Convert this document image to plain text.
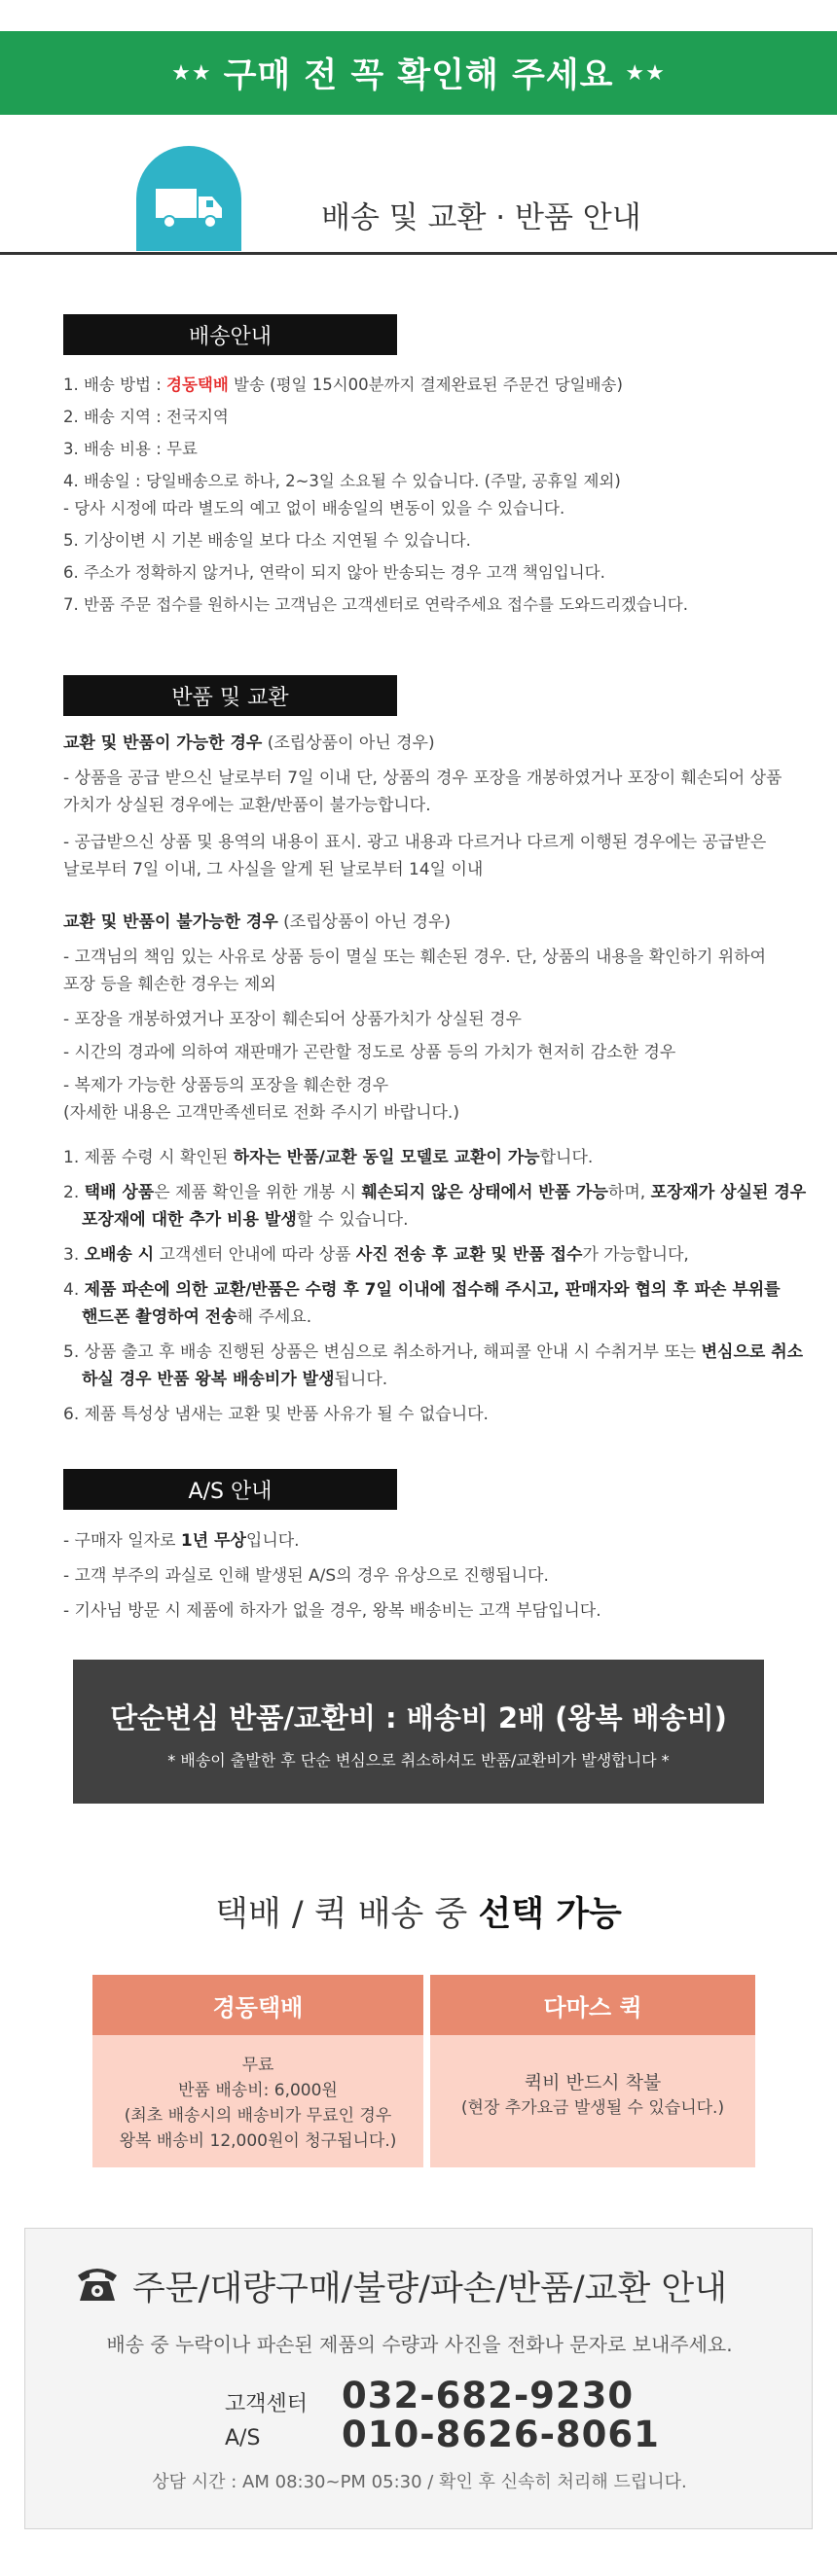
★★ 구매 전 꼭 확인해 주세요 ★★
배송 및 교환 · 반품 안내
배송안내
1. 배송 방법 : 경동택배 발송 (평일 15시00분까지 결제완료된 주문건 당일배송)
2. 배송 지역 : 전국지역
3. 배송 비용 : 무료
4. 배송일 : 당일배송으로 하나, 2~3일 소요될 수 있습니다. (주말, 공휴일 제외)
- 당사 시정에 따라 별도의 예고 없이 배송일의 변동이 있을 수 있습니다.
5. 기상이변 시 기본 배송일 보다 다소 지연될 수 있습니다.
6. 주소가 정확하지 않거나, 연락이 되지 않아 반송되는 경우 고객 책임입니다.
7. 반품 주문 접수를 원하시는 고객님은 고객센터로 연락주세요 접수를 도와드리겠습니다.
반품 및 교환
교환 및 반품이 가능한 경우 (조립상품이 아닌 경우)
- 상품을 공급 받으신 날로부터 7일 이내 단, 상품의 경우 포장을 개봉하였거나 포장이 훼손되어 상품
가치가 상실된 경우에는 교환/반품이 불가능합니다.
- 공급받으신 상품 및 용역의 내용이 표시. 광고 내용과 다르거나 다르게 이행된 경우에는 공급받은
날로부터 7일 이내, 그 사실을 알게 된 날로부터 14일 이내
교환 및 반품이 불가능한 경우 (조립상품이 아닌 경우)
- 고객님의 책임 있는 사유로 상품 등이 멸실 또는 훼손된 경우. 단, 상품의 내용을 확인하기 위하여
포장 등을 훼손한 경우는 제외
- 포장을 개봉하였거나 포장이 훼손되어 상품가치가 상실된 경우
- 시간의 경과에 의하여 재판매가 곤란할 정도로 상품 등의 가치가 현저히 감소한 경우
- 복제가 가능한 상품등의 포장을 훼손한 경우
(자세한 내용은 고객만족센터로 전화 주시기 바랍니다.)
1. 제품 수령 시 확인된 하자는 반품/교환 동일 모델로 교환이 가능합니다.
2. 택배 상품은 제품 확인을 위한 개봉 시 훼손되지 않은 상태에서 반품 가능하며, 포장재가 상실된 경우
포장재에 대한 추가 비용 발생할 수 있습니다.
3. 오배송 시 고객센터 안내에 따라 상품 사진 전송 후 교환 및 반품 접수가 가능합니다,
4. 제품 파손에 의한 교환/반품은 수령 후 7일 이내에 접수해 주시고, 판매자와 협의 후 파손 부위를
핸드폰 촬영하여 전송해 주세요.
5. 상품 출고 후 배송 진행된 상품은 변심으로 취소하거나, 해피콜 안내 시 수취거부 또는 변심으로 취소
하실 경우 반품 왕복 배송비가 발생됩니다.
6. 제품 특성상 냄새는 교환 및 반품 사유가 될 수 없습니다.
A/S 안내
- 구매자 일자로 1년 무상입니다.
- 고객 부주의 과실로 인해 발생된 A/S의 경우 유상으로 진행됩니다.
- 기사님 방문 시 제품에 하자가 없을 경우, 왕복 배송비는 고객 부담입니다.
단순변심 반품/교환비 : 배송비 2배 (왕복 배송비)
* 배송이 출발한 후 단순 변심으로 취소하셔도 반품/교환비가 발생합니다 *
택배 / 퀵 배송 중 선택 가능
경동택배
무료
반품 배송비: 6,000원
(최초 배송시의 배송비가 무료인 경우
왕복 배송비 12,000원이 청구됩니다.)
다마스 퀵
퀵비 반드시 착불
(현장 추가요금 발생될 수 있습니다.)
주문/대량구매/불량/파손/반품/교환 안내
배송 중 누락이나 파손된 제품의 수량과 사진을 전화나 문자로 보내주세요.
고객센터 032-682-9230
A/S 010-8626-8061
상담 시간 : AM 08:30~PM 05:30 / 확인 후 신속히 처리해 드립니다.
